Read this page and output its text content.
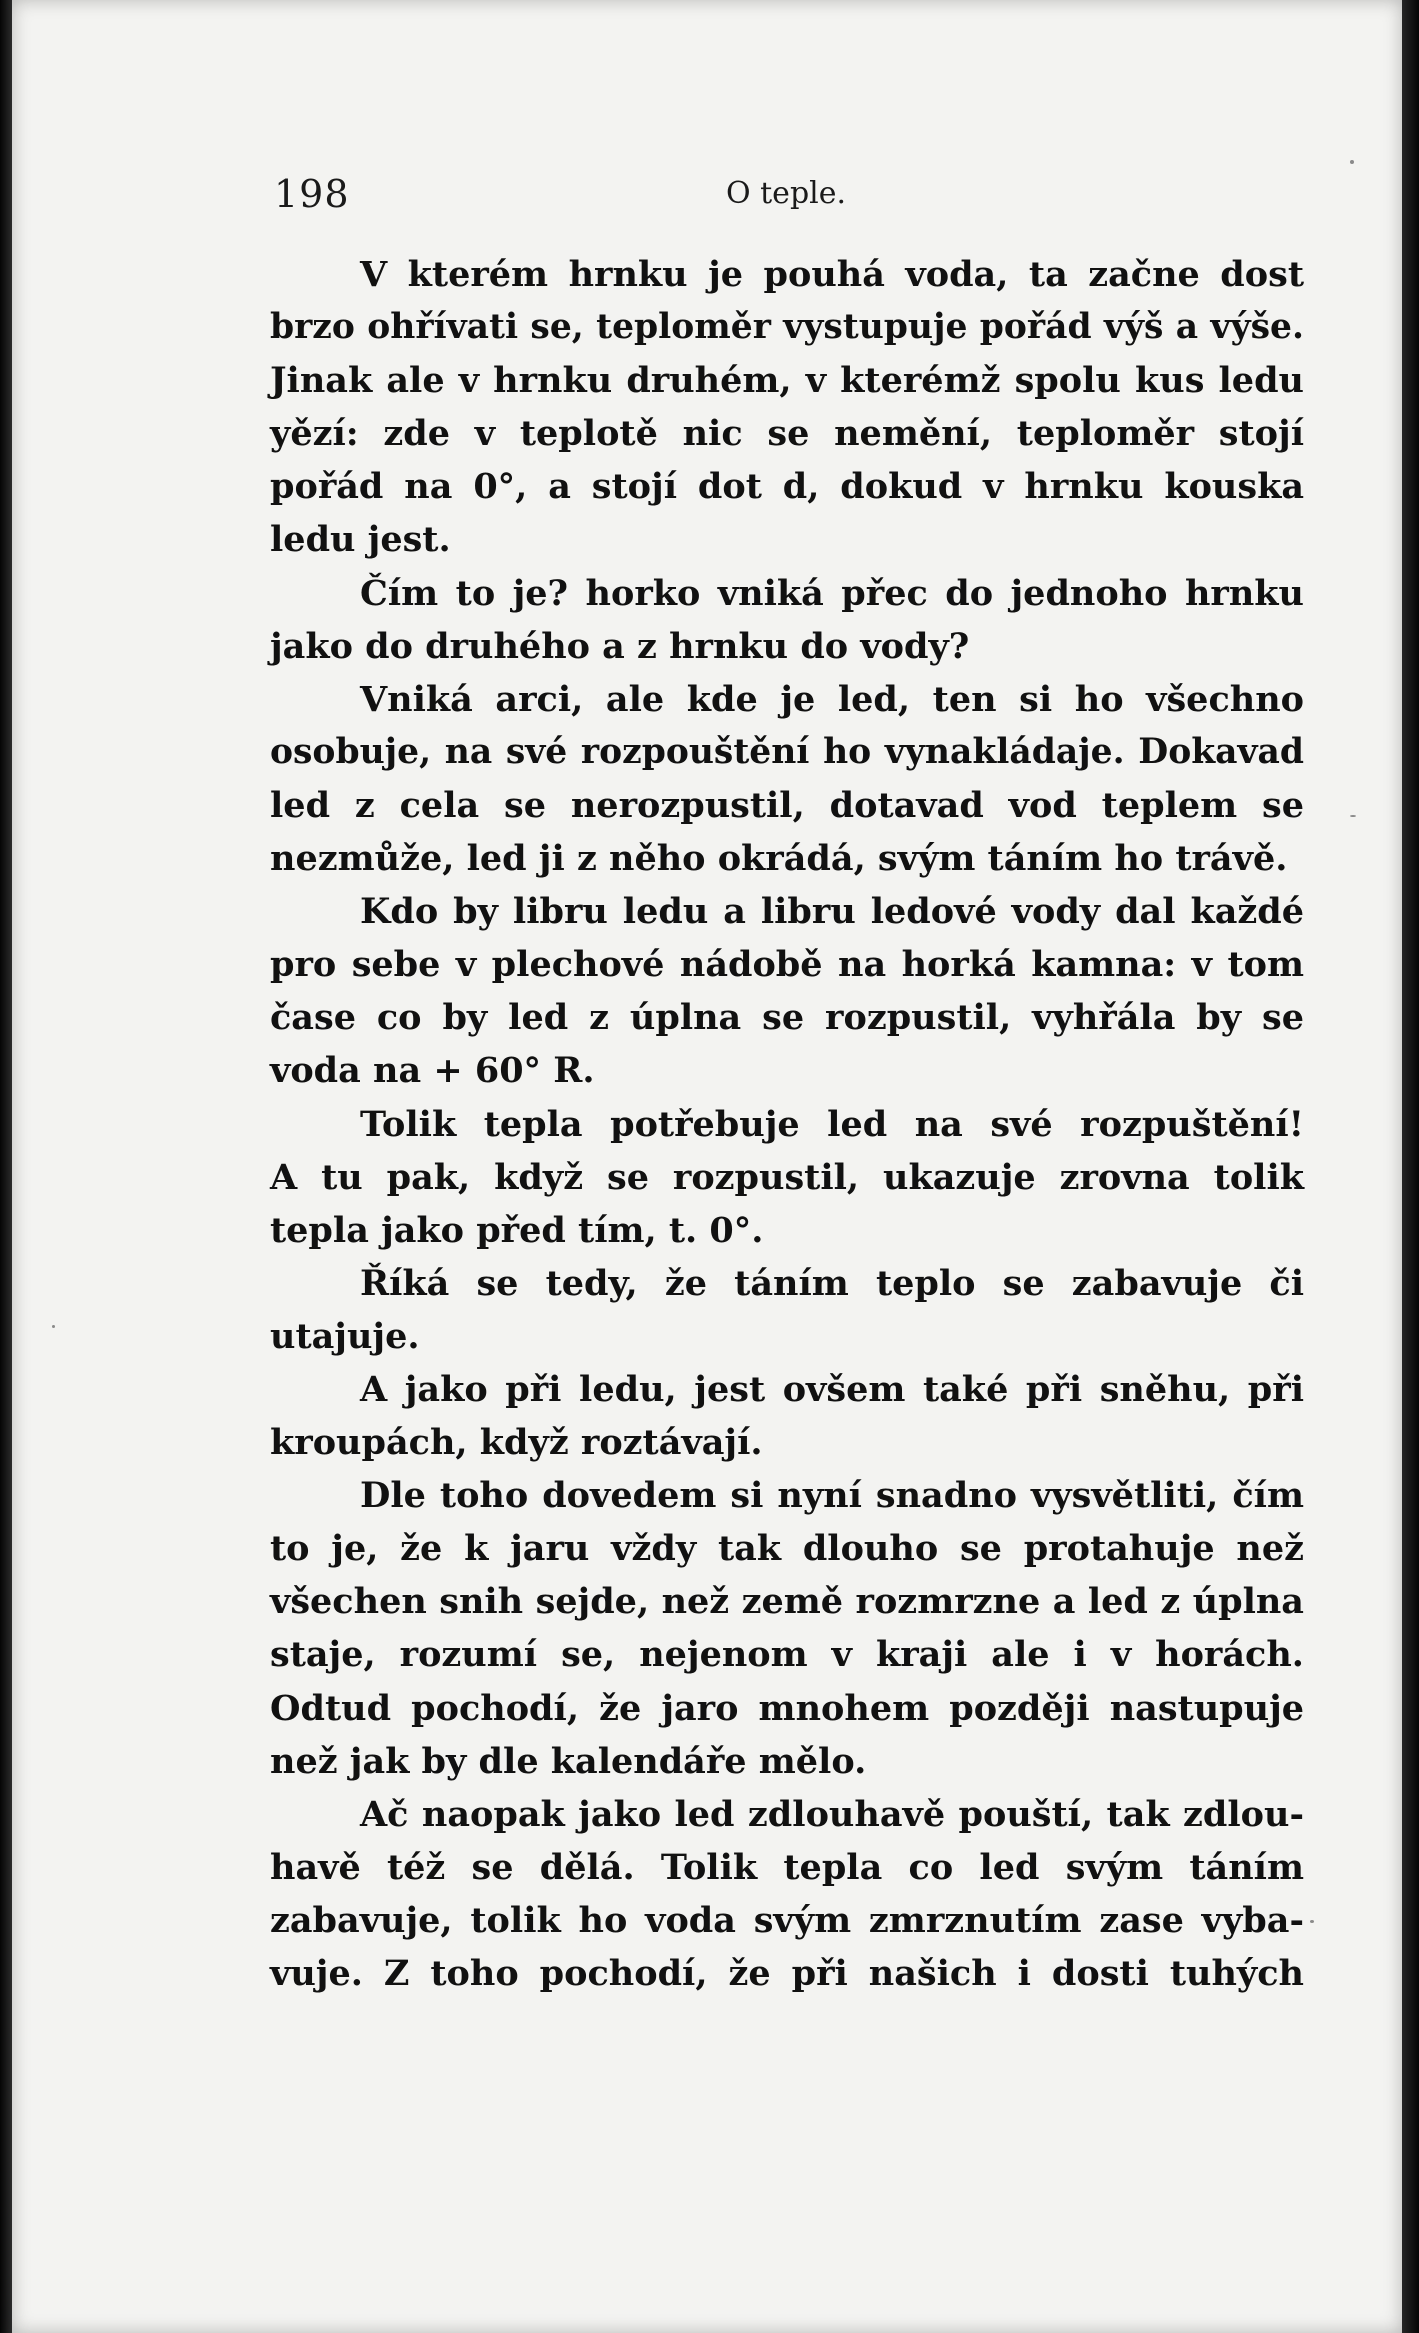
198	O teple.
V kterém hrnku je pouhá voda, ta začne dost
brzo ohřívati se, teploměr vystupuje pořád výš a výše.
Jinak ale v hrnku druhém, v kterémž spolu kus ledu
yězí: zde v teplotě nic se nemění, teploměr stojí
pořád na 0°, a stojí dot d, dokud v hrnku kouska
ledu jest.
Čím to je? horko vniká přec do jednoho hrnku
jako do druhého a z hrnku do vody?
Vniká arci, ale kde je led, ten si ho všechno
osobuje, na své rozpouštění ho vynakládaje. Dokavad
led z cela se nerozpustil, dotavad vod teplem se
nezmůže, led ji z něho okrádá, svým táním ho trávě.
Kdo by libru ledu a libru ledové vody dal každé
pro sebe v plechové nádobě na horká kamna: v tom
čase co by led z úplna se rozpustil, vyhřála by se
voda na + 60° R.
Tolik tepla potřebuje led na své rozpuštění!
A tu pak, když se rozpustil, ukazuje zrovna tolik
tepla jako před tím, t. 0°.
Říká se tedy, že táním teplo se zabavuje či
utajuje.
A jako při ledu, jest ovšem také při sněhu, při
kroupách, když roztávají.
Dle toho dovedem si nyní snadno vysvětliti, čím
to je, že k jaru vždy tak dlouho se protahuje než
všechen snih sejde, než země rozmrzne a led z úplna
staje, rozumí se, nejenom v kraji ale i v horách.
Odtud pochodí, že jaro mnohem později nastupuje
než jak by dle kalendáře mělo.
Ač naopak jako led zdlouhavě pouští, tak zdlou-
havě též se dělá. Tolik tepla co led svým táním
zabavuje, tolik ho voda svým zmrznutím zase vyba-
vuje. Z toho pochodí, že při našich i dosti tuhých
